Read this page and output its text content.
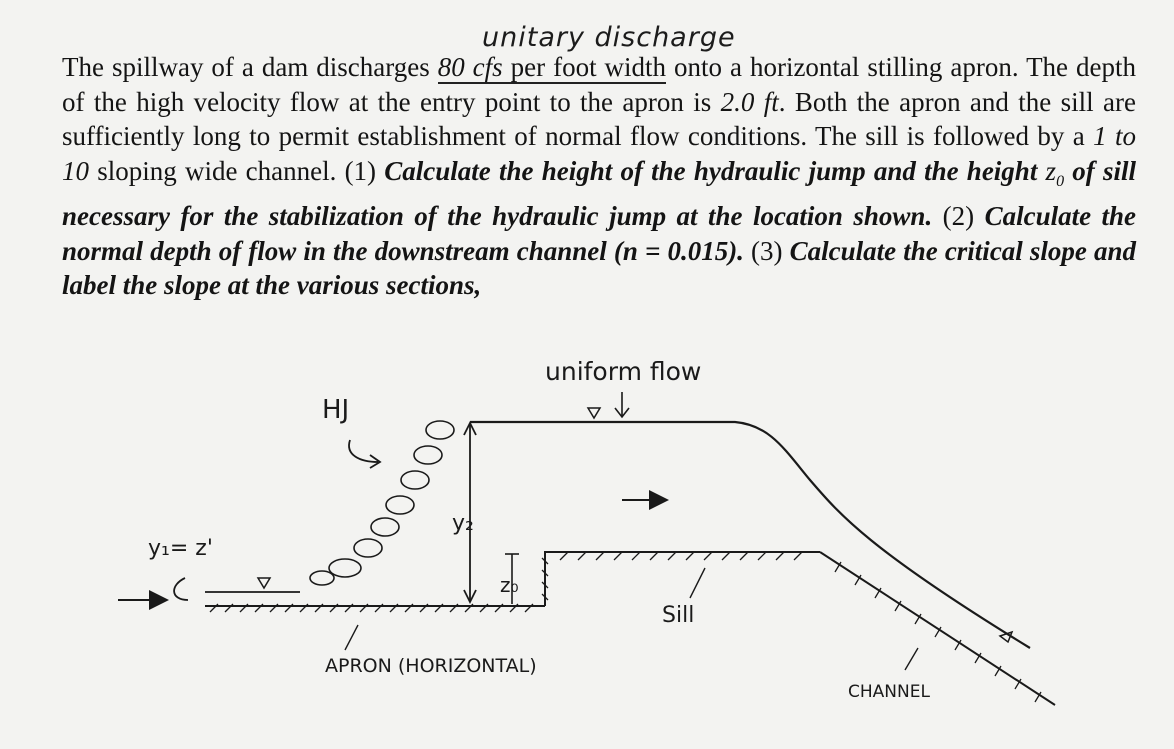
unitary discharge
The spillway of a dam discharges 80 cfs per foot width onto a horizontal stilling apron. The depth of the high velocity flow at the entry point to the apron is 2.0 ft. Both the apron and the sill are sufficiently long to permit establishment of normal flow conditions. The sill is followed by a 1 to 10 sloping wide channel. (1) Calculate the height of the hydraulic jump and the height $z_0$ of sill necessary for the stabilization of the hydraulic jump at the location shown. (2) Calculate the normal depth of flow in the downstream channel (n = 0.015). (3) Calculate the critical slope and label the slope at the various sections,
uniform flow
HJ
y₁= z'
y₂
z₀
Sill
APRON (HORIZONTAL)
CHANNEL
